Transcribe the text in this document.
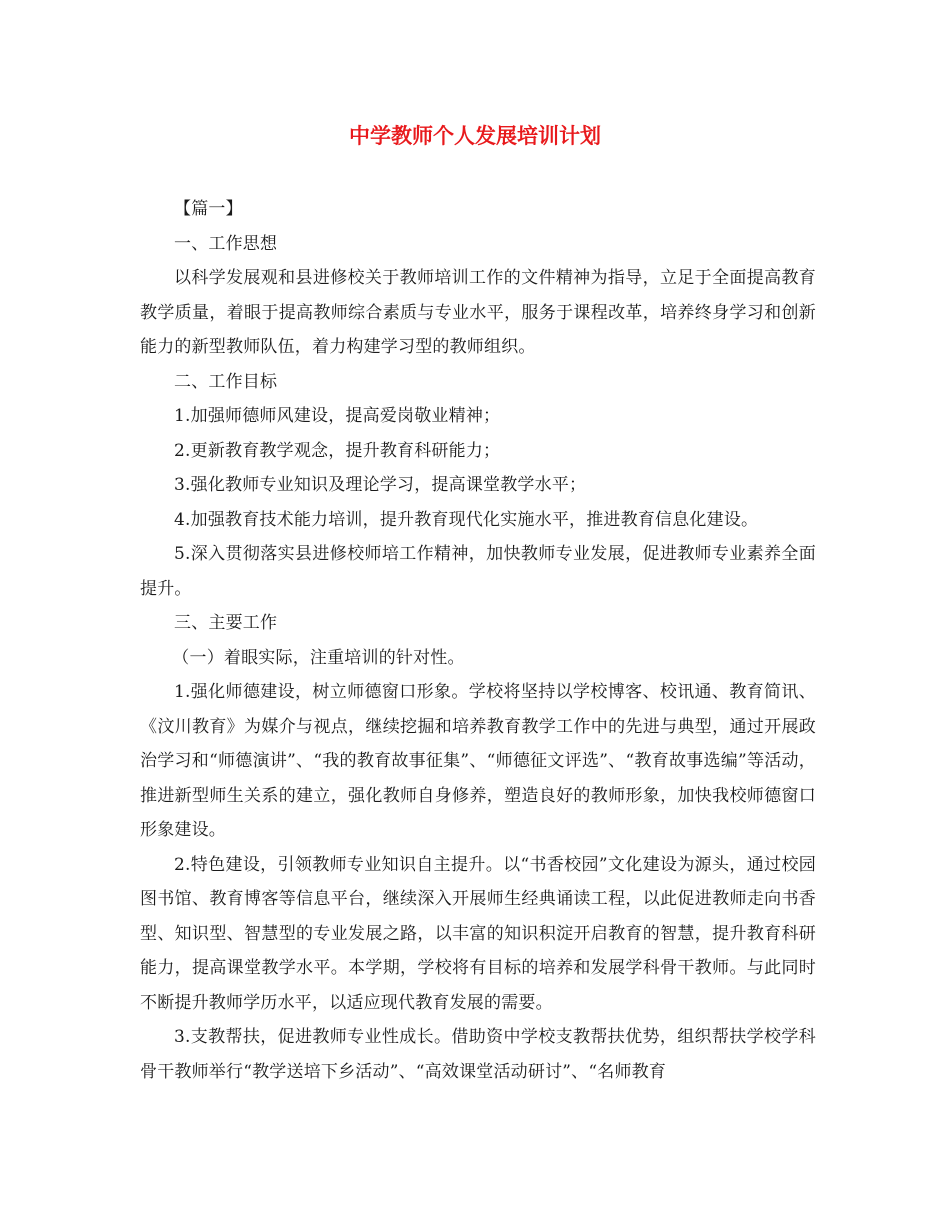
中学教师个人发展培训计划

【篇一】

一、工作思想

以科学发展观和县进修校关于教师培训工作的文件精神为指导，立足于全面提高教育教学质量，着眼于提高教师综合素质与专业水平，服务于课程改革，培养终身学习和创新能力的新型教师队伍，着力构建学习型的教师组织。

二、工作目标

1.加强师德师风建设，提高爱岗敬业精神；

2.更新教育教学观念，提升教育科研能力；

3.强化教师专业知识及理论学习，提高课堂教学水平；

4.加强教育技术能力培训，提升教育现代化实施水平，推进教育信息化建设。

5.深入贯彻落实县进修校师培工作精神，加快教师专业发展，促进教师专业素养全面提升。

三、主要工作

（一）着眼实际，注重培训的针对性。

1.强化师德建设，树立师德窗口形象。学校将坚持以学校博客、校讯通、教育简讯、《汶川教育》为媒介与视点，继续挖掘和培养教育教学工作中的先进与典型，通过开展政治学习和“师德演讲”、“我的教育故事征集”、“师德征文评选”、“教育故事选编”等活动，推进新型师生关系的建立，强化教师自身修养，塑造良好的教师形象，加快我校师德窗口形象建设。

2.特色建设，引领教师专业知识自主提升。以“书香校园”文化建设为源头，通过校园图书馆、教育博客等信息平台，继续深入开展师生经典诵读工程，以此促进教师走向书香型、知识型、智慧型的专业发展之路，以丰富的知识积淀开启教育的智慧，提升教育科研能力，提高课堂教学水平。本学期，学校将有目标的培养和发展学科骨干教师。与此同时不断提升教师学历水平，以适应现代教育发展的需要。

3.支教帮扶，促进教师专业性成长。借助资中学校支教帮扶优势，组织帮扶学校学科骨干教师举行“教学送培下乡活动”、“高效课堂活动研讨”、“名师教育
